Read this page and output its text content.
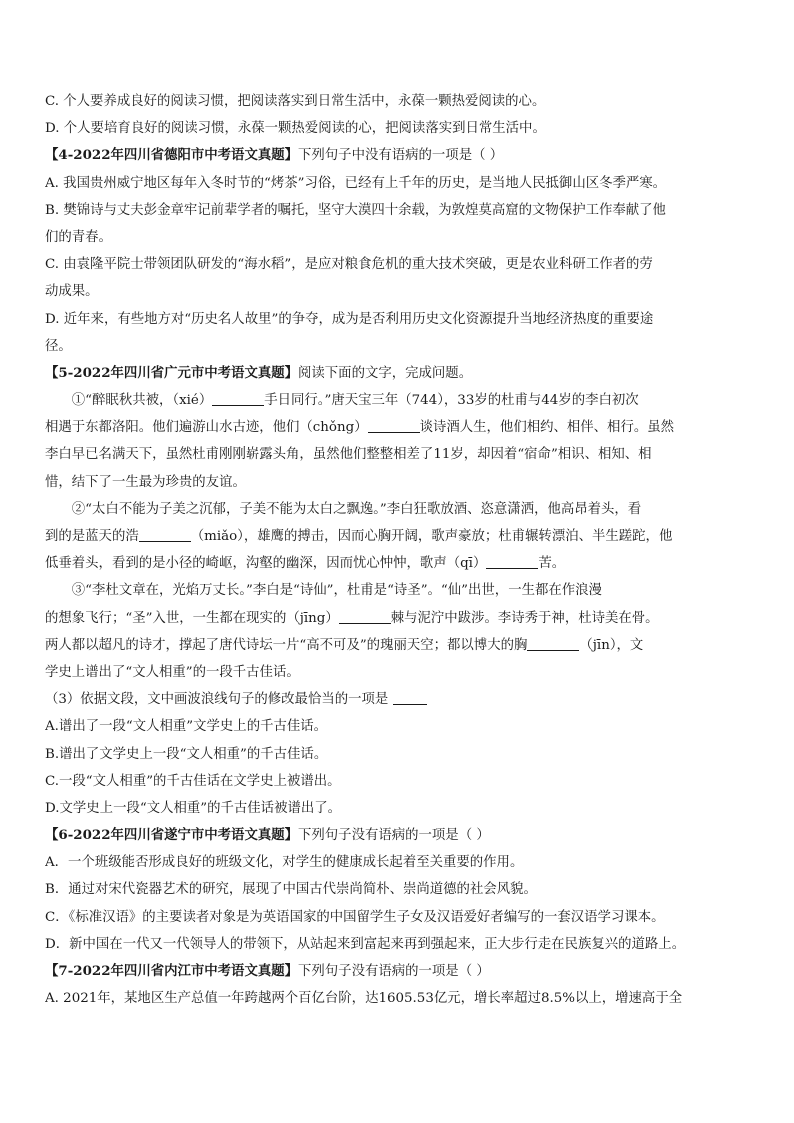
C. 个人要养成良好的阅读习惯，把阅读落实到日常生活中，永葆一颗热爱阅读的心。
D. 个人要培育良好的阅读习惯，永葆一颗热爱阅读的心，把阅读落实到日常生活中。
【4-2022年四川省德阳市中考语文真题】下列句子中没有语病的一项是（ ）
A. 我国贵州威宁地区每年入冬时节的“烤茶”习俗，已经有上千年的历史，是当地人民抵御山区冬季严寒。
B. 樊锦诗与丈夫彭金章牢记前辈学者的嘱托，坚守大漠四十余载，为敦煌莫高窟的文物保护工作奉献了他
们的青春。
C. 由袁隆平院士带领团队研发的“海水稻”，是应对粮食危机的重大技术突破，更是农业科研工作者的劳
动成果。
D. 近年来，有些地方对“历史名人故里”的争夺，成为是否利用历史文化资源提升当地经济热度的重要途
径。
【5-2022年四川省广元市中考语文真题】阅读下面的文字，完成问题。
①“醉眠秋共被，（xié）	手日同行。”唐天宝三年（744），33岁的杜甫与44岁的李白初次
相遇于东都洛阳。他们遍游山水古迹，他们（chǒng）	谈诗酒人生，他们相约、相伴、相行。虽然
李白早已名满天下，虽然杜甫刚刚崭露头角，虽然他们整整相差了11岁，却因着“宿命”相识、相知、相
惜，结下了一生最为珍贵的友谊。
②“太白不能为子美之沉郁，子美不能为太白之飘逸。”李白狂歌放酒、恣意潇洒，他高昂着头，看
到的是蓝天的浩	（miǎo），雄鹰的搏击，因而心胸开阔，歌声豪放；杜甫辗转漂泊、半生蹉跎，他
低垂着头，看到的是小径的崎岖，沟壑的幽深，因而忧心忡忡，歌声（qī）	苦。
③“李杜文章在，光焰万丈长。”李白是“诗仙”，杜甫是“诗圣”。“仙”出世，一生都在作浪漫
的想象飞行；“圣”入世，一生都在现实的（jīng）	棘与泥泞中跋涉。李诗秀于神，杜诗美在骨。
两人都以超凡的诗才，撑起了唐代诗坛一片“高不可及”的瑰丽天空；都以博大的胸	（jīn），文
学史上谱出了“文人相重”的一段千古佳话。
（3）依据文段，文中画波浪线句子的修改最恰当的一项是
A.谱出了一段“文人相重”文学史上的千古佳话。
B.谱出了文学史上一段“文人相重”的千古佳话。
C.一段“文人相重”的千古佳话在文学史上被谱出。
D.文学史上一段“文人相重”的千古佳话被谱出了。
【6-2022年四川省遂宁市中考语文真题】下列句子没有语病的一项是（ ）
A．一个班级能否形成良好的班级文化，对学生的健康成长起着至关重要的作用。
B．通过对宋代瓷器艺术的研究，展现了中国古代崇尚简朴、崇尚道德的社会风貌。
C．《标准汉语》的主要读者对象是为英语国家的中国留学生子女及汉语爱好者编写的一套汉语学习课本。
D．新中国在一代又一代领导人的带领下，从站起来到富起来再到强起来，正大步行走在民族复兴的道路上。
【7-2022年四川省内江市中考语文真题】下列句子没有语病的一项是（ ）
A. 2021年，某地区生产总值一年跨越两个百亿台阶，达1605.53亿元，增长率超过8.5%以上，增速高于全
